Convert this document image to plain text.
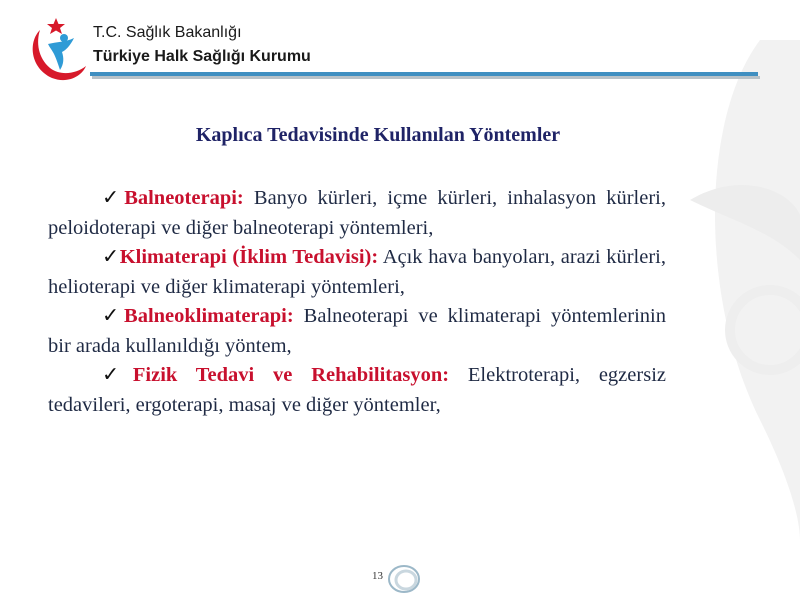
T.C. Sağlık Bakanlığı
Türkiye Halk Sağlığı Kurumu
Kaplıca Tedavisinde Kullanılan Yöntemler

✓Balneoterapi: Banyo kürleri, içme kürleri, inhalasyon kürleri, peloidoterapi ve diğer balneoterapi yöntemleri,

✓Klimaterapi (İklim Tedavisi): Açık hava banyoları, arazi kürleri, helioterapi ve diğer klimaterapi yöntemleri,

✓Balneoklimaterapi: Balneoterapi ve klimaterapi yöntemlerinin bir arada kullanıldığı yöntem,

✓Fizik Tedavi ve Rehabilitasyon: Elektroterapi, egzersiz tedavileri, ergoterapi, masaj ve diğer yöntemler,

13
